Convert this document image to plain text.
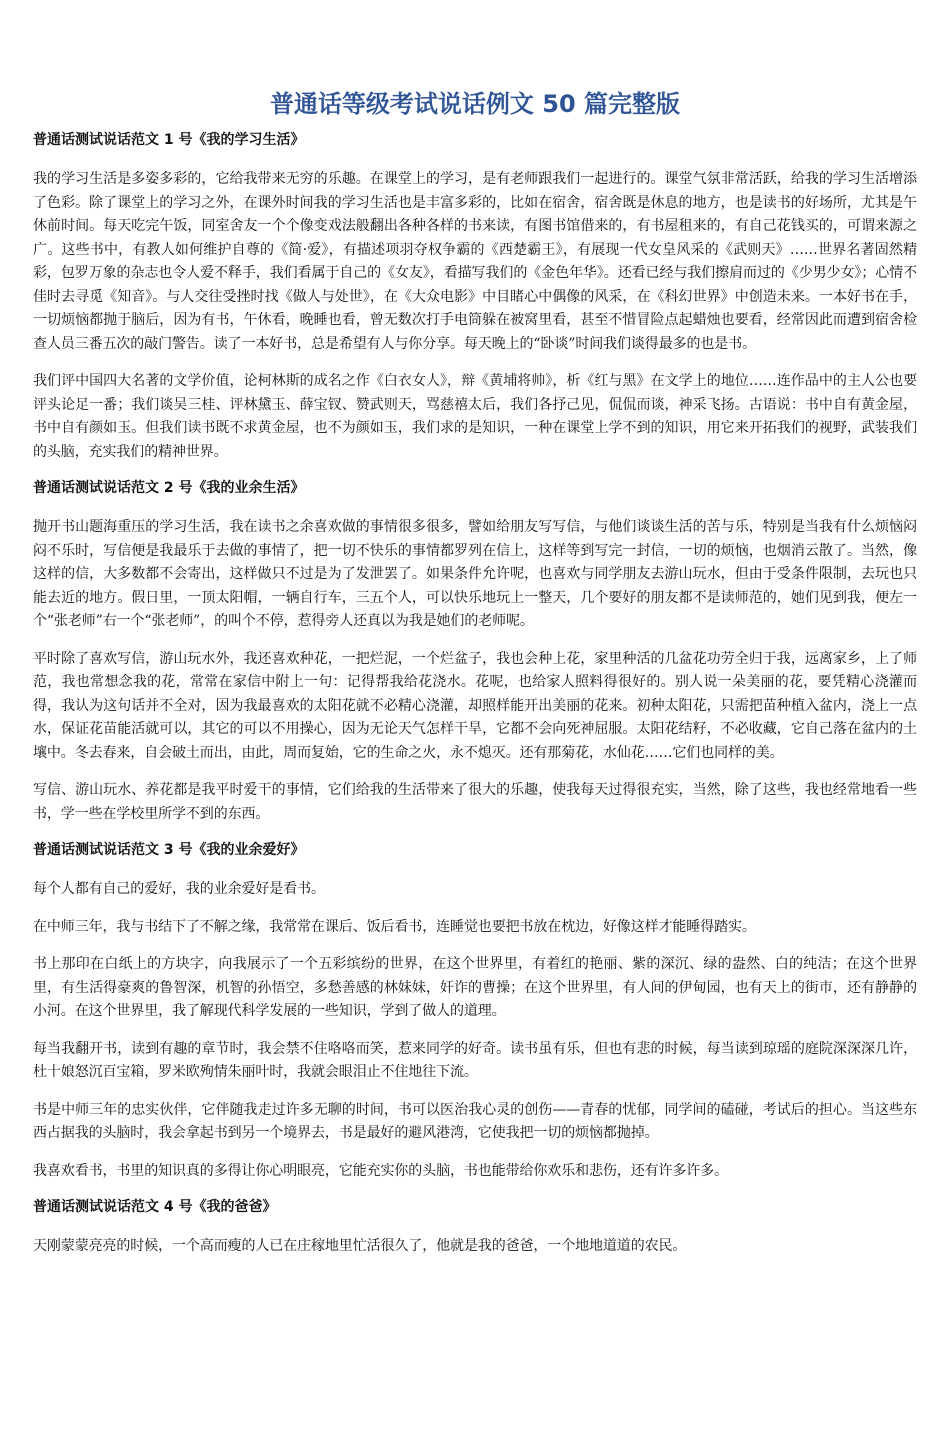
普通话等级考试说话例文 50 篇完整版
普通话测试说话范文 1 号《我的学习生活》

我的学习生活是多姿多彩的，它给我带来无穷的乐趣。在课堂上的学习，是有老师跟我们一起进行的。课堂气氛非常活跃，给我的学习生活增添了色彩。除了课堂上的学习之外，在课外时间我的学习生活也是丰富多彩的，比如在宿舍，宿舍既是休息的地方，也是读书的好场所，尤其是午休前时间。每天吃完午饭，同室舍友一个个像变戏法般翻出各种各样的书来读，有图书馆借来的，有书屋租来的，有自己花钱买的，可谓来源之广。这些书中，有教人如何维护自尊的《简·爱》，有描述项羽夺权争霸的《西楚霸王》，有展现一代女皇风采的《武则天》……世界名著固然精彩，包罗万象的杂志也令人爱不释手，我们看属于自己的《女友》，看描写我们的《金色年华》。还看已经与我们擦肩而过的《少男少女》；心情不佳时去寻觅《知音》。与人交往受挫时找《做人与处世》，在《大众电影》中目睹心中偶像的风采，在《科幻世界》中创造未来。一本好书在手，一切烦恼都抛于脑后，因为有书，午休看，晚睡也看，曾无数次打手电筒躲在被窝里看，甚至不惜冒险点起蜡烛也要看，经常因此而遭到宿舍检查人员三番五次的敲门警告。读了一本好书，总是希望有人与你分享。每天晚上的“卧谈”时间我们谈得最多的也是书。

我们评中国四大名著的文学价值，论柯林斯的成名之作《白衣女人》，辩《黄埔将帅》，析《红与黑》在文学上的地位……连作品中的主人公也要评头论足一番；我们谈吴三桂、评林黛玉、薛宝钗、赞武则天，骂慈禧太后，我们各抒己见，侃侃而谈，神采飞扬。古语说：书中自有黄金屋，书中自有颜如玉。但我们读书既不求黄金屋，也不为颜如玉，我们求的是知识，一种在课堂上学不到的知识，用它来开拓我们的视野，武装我们的头脑，充实我们的精神世界。

普通话测试说话范文 2 号《我的业余生活》

抛开书山题海重压的学习生活，我在读书之余喜欢做的事情很多很多，譬如给朋友写写信，与他们谈谈生活的苦与乐，特别是当我有什么烦恼闷闷不乐时，写信便是我最乐于去做的事情了，把一切不快乐的事情都罗列在信上，这样等到写完一封信，一切的烦恼，也烟消云散了。当然，像这样的信，大多数都不会寄出，这样做只不过是为了发泄罢了。如果条件允许呢，也喜欢与同学朋友去游山玩水，但由于受条件限制，去玩也只能去近的地方。假日里，一顶太阳帽，一辆自行车，三五个人，可以快乐地玩上一整天，几个要好的朋友都不是读师范的，她们见到我，便左一个“张老师”右一个“张老师”，的叫个不停，惹得旁人还真以为我是她们的老师呢。

平时除了喜欢写信，游山玩水外，我还喜欢种花，一把烂泥，一个烂盆子，我也会种上花，家里种活的几盆花功劳全归于我，远离家乡，上了师范，我也常想念我的花，常常在家信中附上一句：记得帮我给花浇水。花呢，也给家人照料得很好的。别人说一朵美丽的花，要凭精心浇灌而得，我认为这句话并不全对，因为我最喜欢的太阳花就不必精心浇灌，却照样能开出美丽的花来。初种太阳花，只需把苗种植入盆内，浇上一点水，保证花苗能活就可以，其它的可以不用操心，因为无论天气怎样干旱，它都不会向死神屈服。太阳花结籽，不必收藏，它自己落在盆内的土壤中。冬去春来，自会破土而出，由此，周而复始，它的生命之火，永不熄灭。还有那菊花，水仙花……它们也同样的美。

写信、游山玩水、养花都是我平时爱干的事情，它们给我的生活带来了很大的乐趣，使我每天过得很充实，当然，除了这些，我也经常地看一些书，学一些在学校里所学不到的东西。

普通话测试说话范文 3 号《我的业余爱好》

每个人都有自己的爱好，我的业余爱好是看书。

在中师三年，我与书结下了不解之缘，我常常在课后、饭后看书，连睡觉也要把书放在枕边，好像这样才能睡得踏实。

书上那印在白纸上的方块字，向我展示了一个五彩缤纷的世界，在这个世界里，有着红的艳丽、紫的深沉、绿的盎然、白的纯洁；在这个世界里，有生活得豪爽的鲁智深，机智的孙悟空，多愁善感的林妹妹，奸诈的曹操；在这个世界里，有人间的伊甸园，也有天上的街市，还有静静的小河。在这个世界里，我了解现代科学发展的一些知识，学到了做人的道理。

每当我翻开书，读到有趣的章节时，我会禁不住咯咯而笑，惹来同学的好奇。读书虽有乐，但也有悲的时候，每当读到琼瑶的庭院深深深几许，杜十娘怒沉百宝箱，罗米欧殉情朱丽叶时，我就会眼泪止不住地往下流。

书是中师三年的忠实伙伴，它伴随我走过许多无聊的时间，书可以医治我心灵的创伤——青春的忧郁，同学间的磕碰，考试后的担心。当这些东西占据我的头脑时，我会拿起书到另一个境界去，书是最好的避风港湾，它使我把一切的烦恼都抛掉。

我喜欢看书，书里的知识真的多得让你心明眼亮，它能充实你的头脑，书也能带给你欢乐和悲伤，还有许多许多。

普通话测试说话范文 4 号《我的爸爸》

天刚蒙蒙亮亮的时候，一个高而瘦的人已在庄稼地里忙活很久了，他就是我的爸爸，一个地地道道的农民。
